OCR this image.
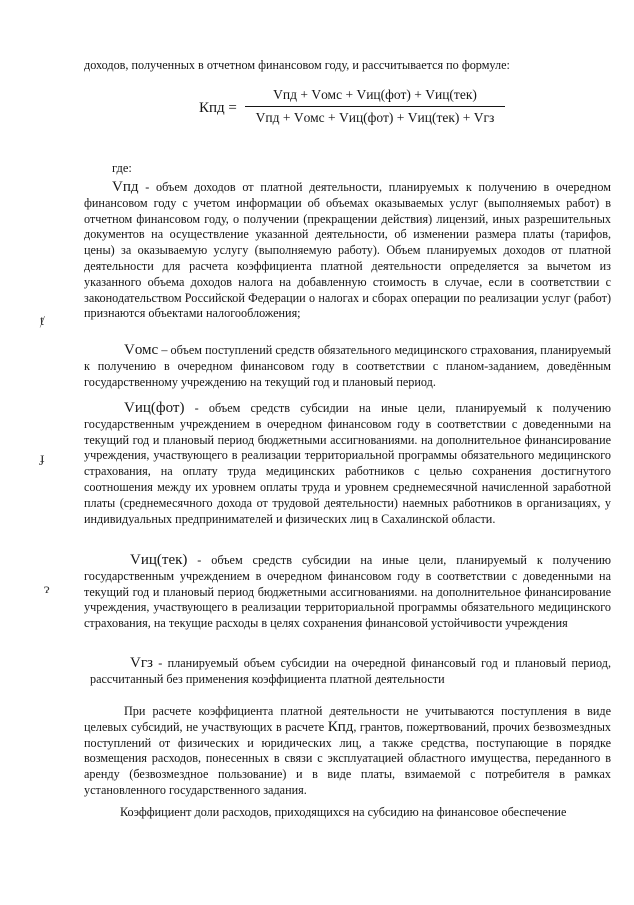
доходов, полученных в отчетном финансовом году, и рассчитывается по формуле:

Кпд =
Vпд + Vомс + Vиц(фот) + Vиц(тек)
Vпд + Vомс + Vиц(фот) + Vиц(тек) + Vгз
где:

Vпд - объем доходов от платной деятельности, планируемых к получению в очередном финансовом году с учетом информации об объемах оказываемых услуг (выполняемых работ) в отчетном финансовом году, о получении (прекращении действия) лицензий, иных разрешительных документов на осуществление указанной деятельности, об изменении размера платы (тарифов, цены) за оказываемую услугу (выполняемую работу). Объем планируемых доходов от платной деятельности для расчета коэффициента платной деятельности определяется за вычетом из указанного объема доходов налога на добавленную стоимость в случае, если в соответствии с законодательством Российской Федерации о налогах и сборах операции по реализации услуг (работ) признаются объектами налогообложения;

Vомс – объем поступлений средств обязательного медицинского страхования, планируемый к получению в очередном финансовом году в соответствии с планом-заданием, доведённым государственному учреждению на текущий год и плановый период.

Vиц(фот) - объем средств субсидии на иные цели, планируемый к получению государственным учреждением в очередном финансовом году в соответствии с доведенными на текущий год и плановый период бюджетными ассигнованиями. на дополнительное финансирование учреждения, участвующего в реализации территориальной программы обязательного медицинского страхования, на оплату труда медицинских работников с целью сохранения достигнутого соотношения между их уровнем оплаты труда и уровнем среднемесячной начисленной заработной платы (среднемесячного дохода от трудовой деятельности) наемных работников в организациях, у индивидуальных предпринимателей и физических лиц в Сахалинской области.

Vиц(тек) - объем средств субсидии на иные цели, планируемый к получению государственным учреждением в очередном финансовом году в соответствии с доведенными на текущий год и плановый период бюджетными ассигнованиями. на дополнительное финансирование учреждения, участвующего в реализации территориальной программы обязательного медицинского страхования, на текущие расходы в целях сохранения финансовой устойчивости учреждения

Vгз - планируемый объем субсидии на очередной финансовый год и плановый период, рассчитанный без применения коэффициента платной деятельности

При расчете коэффициента платной деятельности не учитываются поступления в виде целевых субсидий, не участвующих в расчете Кпд, грантов, пожертвований, прочих безвозмездных поступлений от физических и юридических лиц, а также средства, поступающие в порядке возмещения расходов, понесенных в связи с эксплуатацией областного имущества, переданного в аренду (безвозмездное пользование) и в виде платы, взимаемой с потребителя в рамках установленного государственного задания.

Коэффициент доли расходов, приходящихся на субсидию на финансовое обеспечение

ⱦ
ɟ
ɂ
